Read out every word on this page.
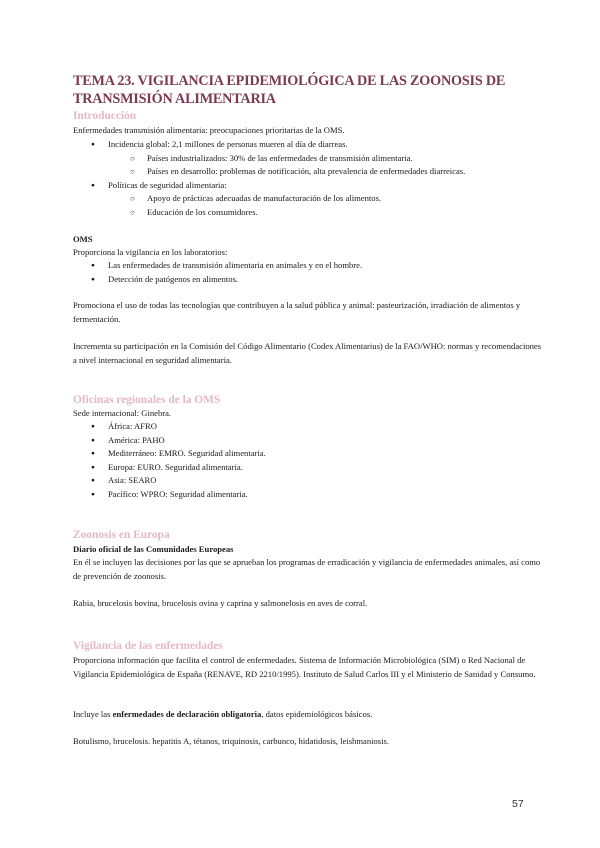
TEMA 23. VIGILANCIA EPIDEMIOLÓGICA DE LAS ZOONOSIS DE TRANSMISIÓN ALIMENTARIA
Introducción

Enfermedades transmisión alimentaria: preocupaciones prioritarias de la OMS.

● Incidencia global: 2,1 millones de personas mueren al día de diarreas.
○ Países industrializados: 30% de las enfermedades de transmisión alimentaria.
○ Países en desarrollo: problemas de notificación, alta prevalencia de enfermedades diarreicas.
● Políticas de seguridad alimentaria:
○ Apoyo de prácticas adecuadas de manufacturación de los alimentos.
○ Educación de los consumidores.

OMS

Proporciona la vigilancia en los laboratorios:

● Las enfermedades de transmisión alimentaria en animales y en el hombre.
● Detección de patógenos en alimentos.

Promociona el uso de todas las tecnologías que contribuyen a la salud pública y animal: pasteurización, irradiación de alimentos y fermentación.

Incrementa su participación en la Comisión del Código Alimentario (Codex Alimentarius) de la FAO/WHO: normas y recomendaciones a nivel internacional en seguridad alimentaria.

Oficinas regionales de la OMS

Sede internacional: Ginebra.

● África: AFRO
● América: PAHO
● Mediterráneo: EMRO. Seguridad alimentaria.
● Europa: EURO. Seguridad alimentaria.
● Asia: SEARO
● Pacífico: WPRO: Seguridad alimentaria.
Zoonosis en Europa

Diario oficial de las Comunidades Europeas

En él se incluyen las decisiones por las que se aprueban los programas de erradicación y vigilancia de enfermedades animales, así como de prevención de zoonosis.

Rabia, brucelosis bovina, brucelosis ovina y caprina y salmonelosis en aves de corral.

Vigilancia de las enfermedades

Proporciona información que facilita el control de enfermedades. Sistema de Información Microbiológica (SIM) o Red Nacional de Vigilancia Epidemiológica de España (RENAVE, RD 2210/1995). Instituto de Salud Carlos III y el Ministerio de Sanidad y Consumo.

Incluye las enfermedades de declaración obligatoria, datos epidemiológicos básicos.

Botulismo, brucelosis. hepatitis A, tétanos, triquinosis, carbunco, hidatidosis, leishmaniosis.

57
